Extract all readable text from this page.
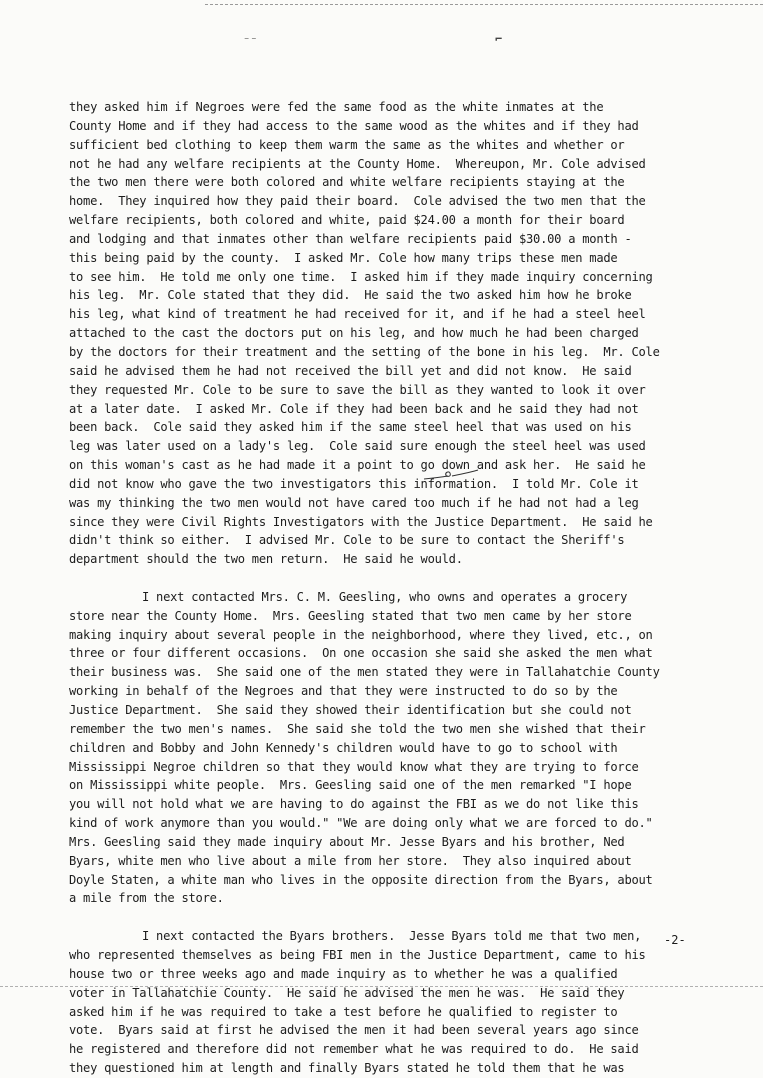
⁻⁻	⌐
they asked him if Negroes were fed the same food as the white inmates at the
County Home and if they had access to the same wood as the whites and if they had
sufficient bed clothing to keep them warm the same as the whites and whether or
not he had any welfare recipients at the County Home.  Whereupon, Mr. Cole advised
the two men there were both colored and white welfare recipients staying at the
home.  They inquired how they paid their board.  Cole advised the two men that the
welfare recipients, both colored and white, paid $24.00 a month for their board
and lodging and that inmates other than welfare recipients paid $30.00 a month -
this being paid by the county.  I asked Mr. Cole how many trips these men made
to see him.  He told me only one time.  I asked him if they made inquiry concerning
his leg.  Mr. Cole stated that they did.  He said the two asked him how he broke
his leg, what kind of treatment he had received for it, and if he had a steel heel
attached to the cast the doctors put on his leg, and how much he had been charged
by the doctors for their treatment and the setting of the bone in his leg.  Mr. Cole
said he advised them he had not received the bill yet and did not know.  He said
they requested Mr. Cole to be sure to save the bill as they wanted to look it over
at a later date.  I asked Mr. Cole if they had been back and he said they had not
been back.  Cole said they asked him if the same steel heel that was used on his
leg was later used on a lady's leg.  Cole said sure enough the steel heel was used
on this woman's cast as he had made it a point to go down and ask her.  He said he
did not know who gave the two investigators this information.  I told Mr. Cole it
was my thinking the two men would not have cared too much if he had not had a leg
since they were Civil Rights Investigators with the Justice Department.  He said he
didn't think so either.  I advised Mr. Cole to be sure to contact the Sheriff's
department should the two men return.  He said he would.
I next contacted Mrs. C. M. Geesling, who owns and operates a grocery
store near the County Home.  Mrs. Geesling stated that two men came by her store
making inquiry about several people in the neighborhood, where they lived, etc., on
three or four different occasions.  On one occasion she said she asked the men what
their business was.  She said one of the men stated they were in Tallahatchie County
working in behalf of the Negroes and that they were instructed to do so by the
Justice Department.  She said they showed their identification but she could not
remember the two men's names.  She said she told the two men she wished that their
children and Bobby and John Kennedy's children would have to go to school with
Mississippi Negroe children so that they would know what they are trying to force
on Mississippi white people.  Mrs. Geesling said one of the men remarked "I hope
you will not hold what we are having to do against the FBI as we do not like this
kind of work anymore than you would." "We are doing only what we are forced to do."
Mrs. Geesling said they made inquiry about Mr. Jesse Byars and his brother, Ned
Byars, white men who live about a mile from her store.  They also inquired about
Doyle Staten, a white man who lives in the opposite direction from the Byars, about
a mile from the store.
I next contacted the Byars brothers.  Jesse Byars told me that two men,
who represented themselves as being FBI men in the Justice Department, came to his
house two or three weeks ago and made inquiry as to whether he was a qualified
voter in Tallahatchie County.  He said he advised the men he was.  He said they
asked him if he was required to take a test before he qualified to register to
vote.  Byars said at first he advised the men it had been several years ago since
he registered and therefore did not remember what he was required to do.  He said
they questioned him at length and finally Byars stated he told them that he was
-2-
